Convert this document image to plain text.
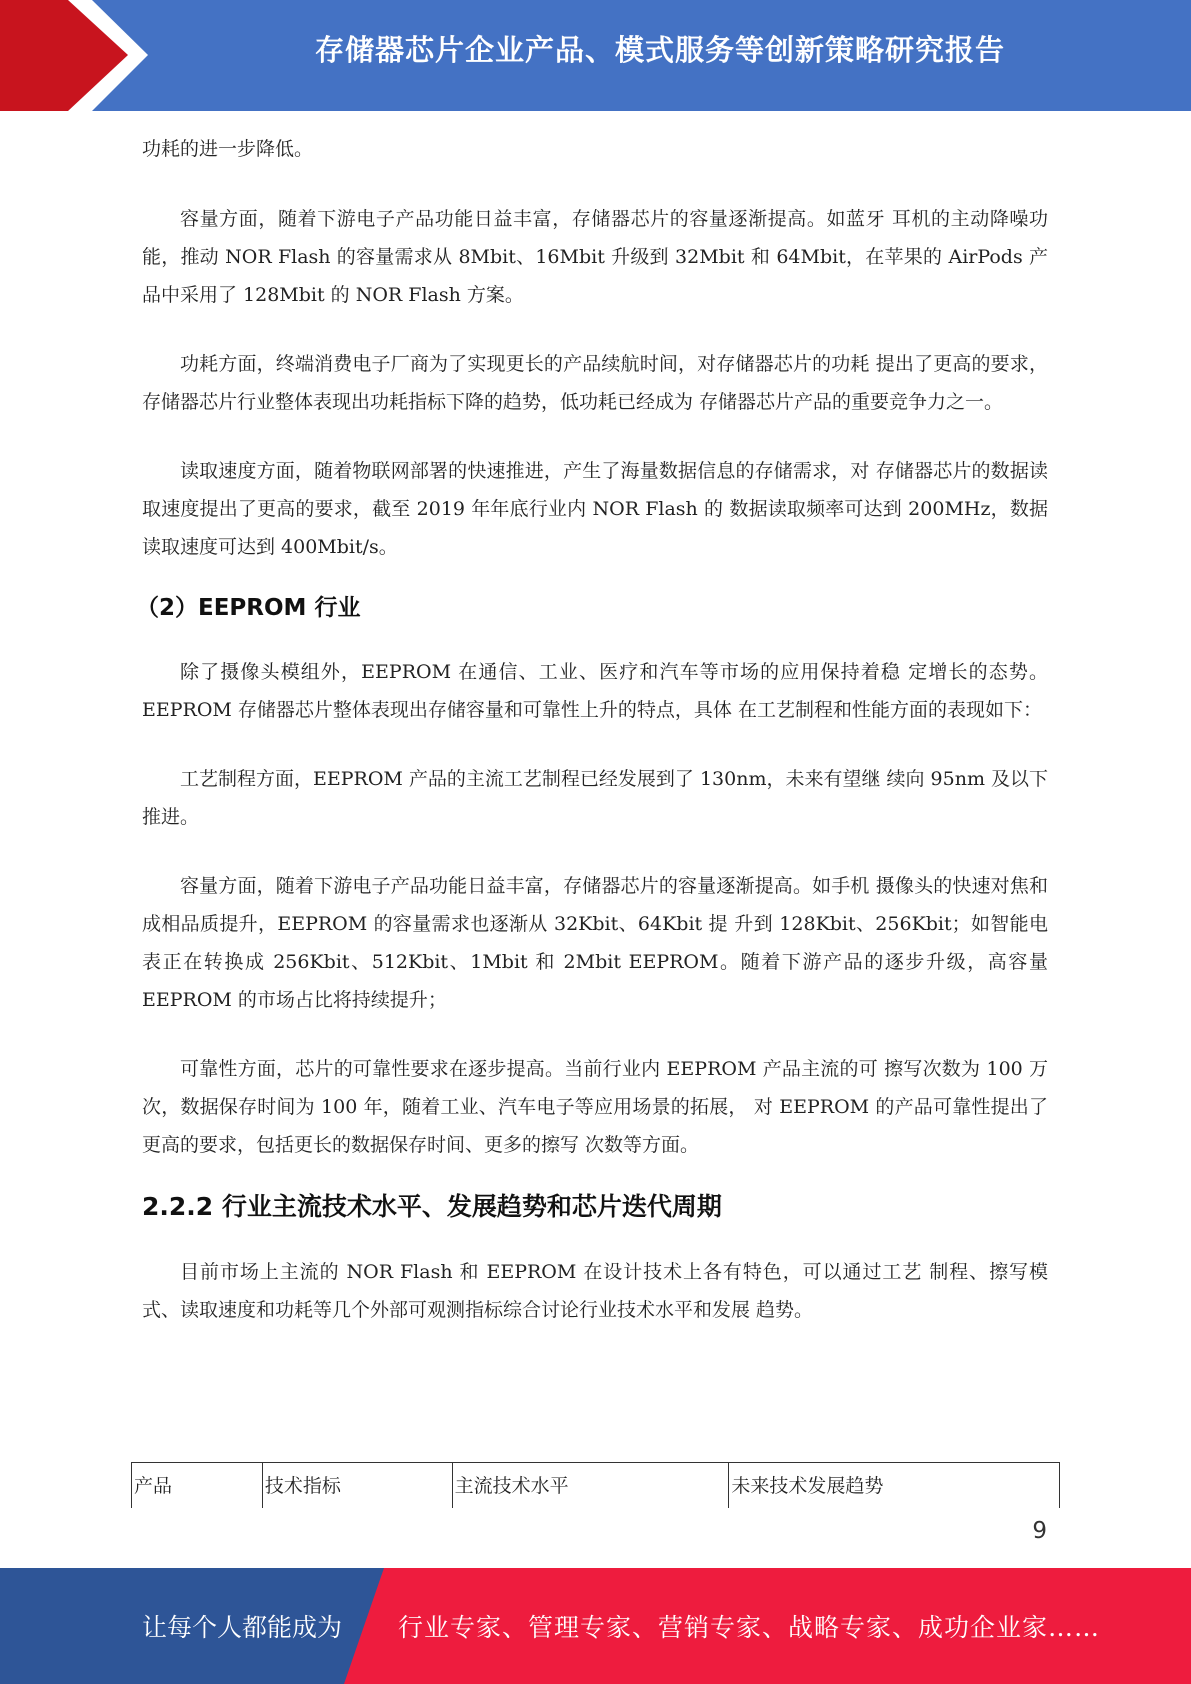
存储器芯片企业产品、模式服务等创新策略研究报告

功耗的进一步降低。

容量方面，随着下游电子产品功能日益丰富，存储器芯片的容量逐渐提高。如蓝牙 耳机的主动降噪功能，推动 NOR Flash 的容量需求从 8Mbit、16Mbit 升级到 32Mbit 和 64Mbit，在苹果的 AirPods 产品中采用了 128Mbit 的 NOR Flash 方案。

功耗方面，终端消费电子厂商为了实现更长的产品续航时间，对存储器芯片的功耗 提出了更高的要求，存储器芯片行业整体表现出功耗指标下降的趋势，低功耗已经成为 存储器芯片产品的重要竞争力之一。

读取速度方面，随着物联网部署的快速推进，产生了海量数据信息的存储需求，对 存储器芯片的数据读取速度提出了更高的要求，截至 2019 年年底行业内 NOR Flash 的 数据读取频率可达到 200MHz，数据读取速度可达到 400Mbit/s。

（2）EEPROM 行业

除了摄像头模组外，EEPROM 在通信、工业、医疗和汽车等市场的应用保持着稳 定增长的态势。EEPROM 存储器芯片整体表现出存储容量和可靠性上升的特点，具体 在工艺制程和性能方面的表现如下：

工艺制程方面，EEPROM 产品的主流工艺制程已经发展到了 130nm，未来有望继 续向 95nm 及以下推进。

容量方面，随着下游电子产品功能日益丰富，存储器芯片的容量逐渐提高。如手机 摄像头的快速对焦和成相品质提升，EEPROM 的容量需求也逐渐从 32Kbit、64Kbit 提 升到 128Kbit、256Kbit；如智能电表正在转换成 256Kbit、512Kbit、1Mbit 和 2Mbit EEPROM。随着下游产品的逐步升级，高容量 EEPROM 的市场占比将持续提升；

可靠性方面，芯片的可靠性要求在逐步提高。当前行业内 EEPROM 产品主流的可 擦写次数为 100 万次，数据保存时间为 100 年，随着工业、汽车电子等应用场景的拓展， 对 EEPROM 的产品可靠性提出了更高的要求，包括更长的数据保存时间、更多的擦写 次数等方面。

2.2.2 行业主流技术水平、发展趋势和芯片迭代周期

目前市场上主流的 NOR Flash 和 EEPROM 在设计技术上各有特色，可以通过工艺 制程、擦写模式、读取速度和功耗等几个外部可观测指标综合讨论行业技术水平和发展 趋势。

产品	技术指标	主流技术水平	未来技术发展趋势
9
让每个人都能成为 行业专家、管理专家、营销专家、战略专家、成功企业家……
